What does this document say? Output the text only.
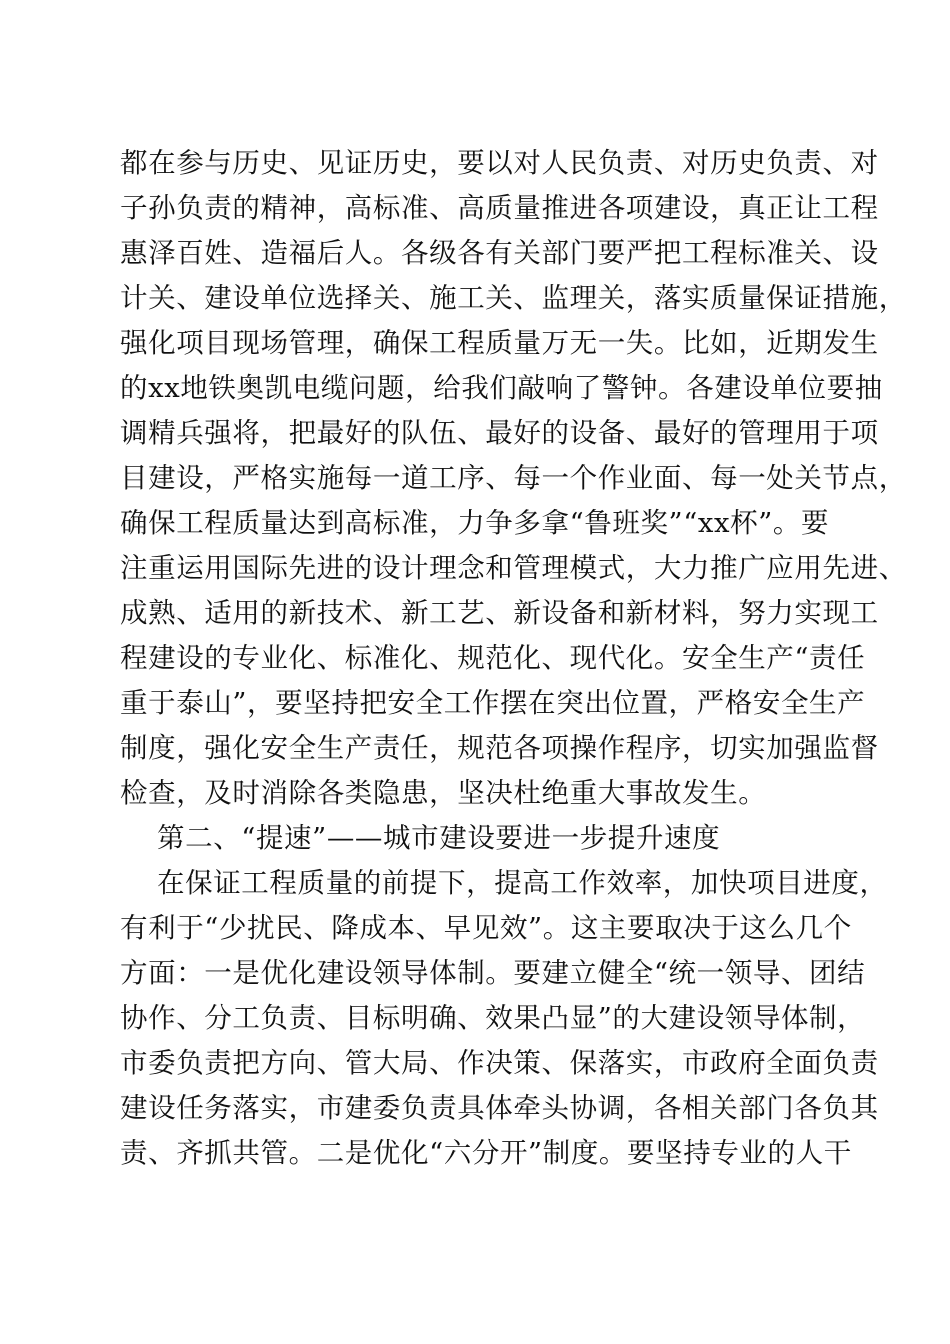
都在参与历史、见证历史，要以对人民负责、对历史负责、对
子孙负责的精神，高标准、高质量推进各项建设，真正让工程
惠泽百姓、造福后人。各级各有关部门要严把工程标准关、设
计关、建设单位选择关、施工关、监理关，落实质量保证措施，
强化项目现场管理，确保工程质量万无一失。比如，近期发生
的xx地铁奥凯电缆问题，给我们敲响了警钟。各建设单位要抽
调精兵强将，把最好的队伍、最好的设备、最好的管理用于项
目建设，严格实施每一道工序、每一个作业面、每一处关节点，
确保工程质量达到高标准，力争多拿“鲁班奖”“xx杯”。要
注重运用国际先进的设计理念和管理模式，大力推广应用先进、
成熟、适用的新技术、新工艺、新设备和新材料，努力实现工
程建设的专业化、标准化、规范化、现代化。安全生产“责任
重于泰山”，要坚持把安全工作摆在突出位置，严格安全生产
制度，强化安全生产责任，规范各项操作程序，切实加强监督
检查，及时消除各类隐患，坚决杜绝重大事故发生。
第二、“提速”——城市建设要进一步提升速度
在保证工程质量的前提下，提高工作效率，加快项目进度，
有利于“少扰民、降成本、早见效”。这主要取决于这么几个
方面：一是优化建设领导体制。要建立健全“统一领导、团结
协作、分工负责、目标明确、效果凸显”的大建设领导体制，
市委负责把方向、管大局、作决策、保落实，市政府全面负责
建设任务落实，市建委负责具体牵头协调，各相关部门各负其
责、齐抓共管。二是优化“六分开”制度。要坚持专业的人干
